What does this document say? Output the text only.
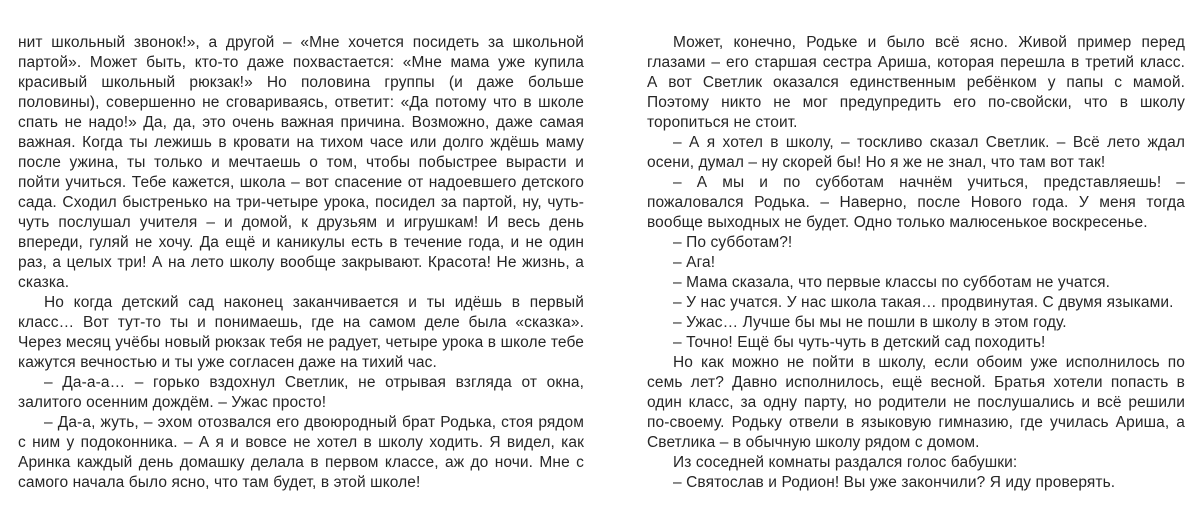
нит школьный звонок!», а другой – «Мне хочется посидеть за школьной партой». Может быть, кто-то даже похвастается: «Мне мама уже купила красивый школьный рюкзак!» Но половина группы (и даже больше половины), совершенно не сговариваясь, ответит: «Да потому что в школе спать не надо!» Да, да, это очень важная причина. Возможно, даже самая важная. Когда ты лежишь в кровати на тихом часе или долго ждёшь маму после ужина, ты только и мечтаешь о том, чтобы побыстрее вырасти и пойти учиться. Тебе кажется, школа – вот спасение от надоевшего детского сада. Сходил быстренько на три-четыре урока, посидел за партой, ну, чуть-чуть послушал учителя – и домой, к друзьям и игрушкам! И весь день впереди, гуляй не хочу. Да ещё и каникулы есть в течение года, и не один раз, а целых три! А на лето школу вообще закрывают. Красота! Не жизнь, а сказка.

Но когда детский сад наконец заканчивается и ты идёшь в первый класс… Вот тут-то ты и понимаешь, где на самом деле была «сказка». Через месяц учёбы новый рюкзак тебя не радует, четыре урока в школе тебе кажутся вечностью и ты уже согласен даже на тихий час.

– Да-а-а… – горько вздохнул Светлик, не отрывая взгляда от окна, залитого осенним дождём. – Ужас просто!

– Да-а, жуть, – эхом отозвался его двоюродный брат Родька, стоя рядом с ним у подоконника. – А я и вовсе не хотел в школу ходить. Я видел, как Аринка каждый день домашку делала в первом классе, аж до ночи. Мне с самого начала было ясно, что там будет, в этой школе!

Может, конечно, Родьке и было всё ясно. Живой пример перед глазами – его старшая сестра Ариша, которая перешла в третий класс. А вот Светлик оказался единственным ребёнком у папы с мамой. Поэтому никто не мог предупредить его по-свойски, что в школу торопиться не стоит.

– А я хотел в школу, – тоскливо сказал Светлик. – Всё лето ждал осени, думал – ну скорей бы! Но я же не знал, что там вот так!

– А мы и по субботам начнём учиться, представляешь! – пожаловался Родька. – Наверно, после Нового года. У меня тогда вообще выходных не будет. Одно только малюсенькое воскресенье.

– По субботам?!

– Ага!

– Мама сказала, что первые классы по субботам не учатся.

– У нас учатся. У нас школа такая… продвинутая. С двумя языками.

– Ужас… Лучше бы мы не пошли в школу в этом году.

– Точно! Ещё бы чуть-чуть в детский сад походить!

Но как можно не пойти в школу, если обоим уже исполнилось по семь лет? Давно исполнилось, ещё весной. Братья хотели попасть в один класс, за одну парту, но родители не послушались и всё решили по-своему. Родьку отвели в языковую гимназию, где училась Ариша, а Светлика – в обычную школу рядом с домом.

Из соседней комнаты раздался голос бабушки:

– Святослав и Родион! Вы уже закончили? Я иду проверять.
